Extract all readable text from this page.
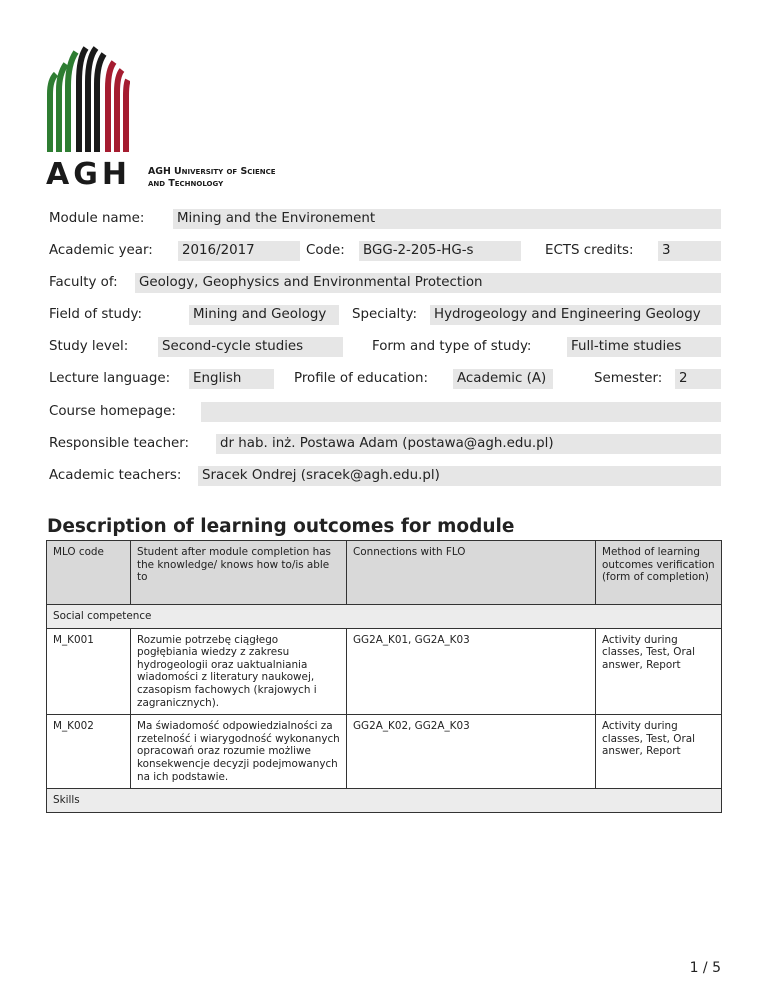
AGH AGH University of Science
and Technology
Module name: Mining and the Environement
Academic year: 2016/2017	Code: BGG-2-205-HG-s	ECTS credits: 3
Faculty of: Geology, Geophysics and Environmental Protection
Field of study:	Mining and Geology	Specialty: Hydrogeology and Engineering Geology
Study level:	Second-cycle studies	Form and type of study:	Full-time studies
Lecture language: English	Profile of education: Academic (A)	Semester: 2
Course homepage:
Responsible teacher: dr hab. inż. Postawa Adam (postawa@agh.edu.pl)
Academic teachers: Sracek Ondrej (sracek@agh.edu.pl)
Description of learning outcomes for module
MLO code	Student after module completion has the knowledge/ knows how to/is able to	Connections with FLO	Method of learning outcomes verification (form of completion)
Social competence			
M_K001	Rozumie potrzebę ciągłego pogłębiania wiedzy z zakresu hydrogeologii oraz uaktualniania wiadomości z literatury naukowej, czasopism fachowych (krajowych i zagranicznych).	GG2A_K01, GG2A_K03	Activity during classes, Test, Oral answer, Report
M_K002	Ma świadomość odpowiedzialności za rzetelność i wiarygodność wykonanych opracowań oraz rozumie możliwe konsekwencje decyzji podejmowanych na ich podstawie.	GG2A_K02, GG2A_K03	Activity during classes, Test, Oral answer, Report
Skills			
1 / 5
